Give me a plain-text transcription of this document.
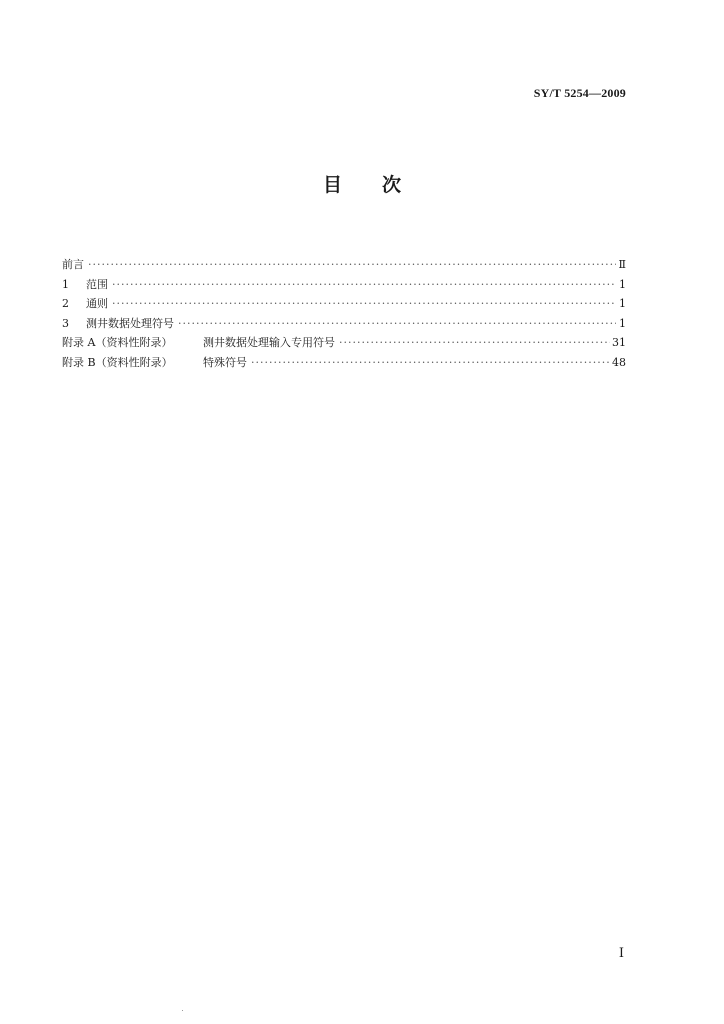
SY/T 5254—2009
目 次
前言 ·····	Ⅱ
1 范围 ·····	1
2 通则 ·····	1
3 测井数据处理符号 ·····	1
附录 A（资料性附录）	测井数据处理输入专用符号 ·····	31
附录 B（资料性附录）	特殊符号 ·····	48
Ⅰ
